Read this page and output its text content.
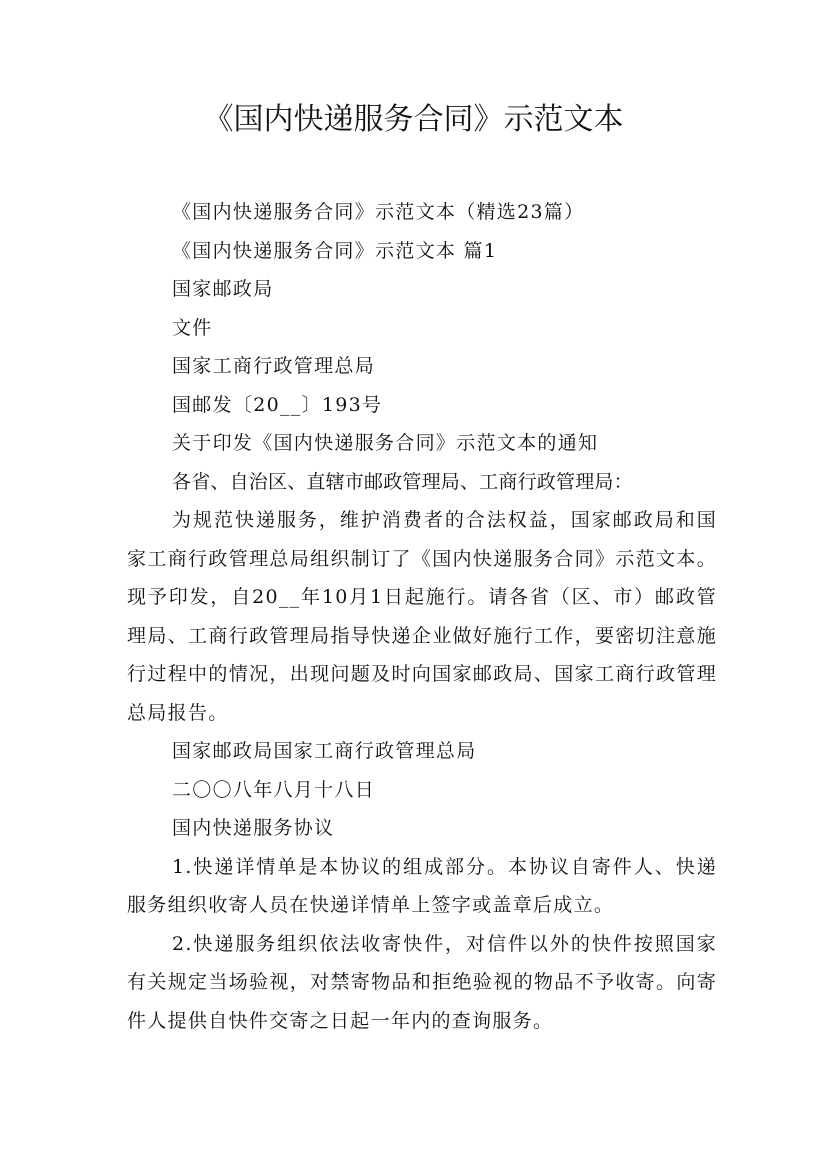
《国内快递服务合同》示范文本

《国内快递服务合同》示范文本（精选23篇）

《国内快递服务合同》示范文本 篇1

国家邮政局

文件

国家工商行政管理总局

国邮发〔20__〕193号

关于印发《国内快递服务合同》示范文本的通知

各省、自治区、直辖市邮政管理局、工商行政管理局：

为规范快递服务，维护消费者的合法权益，国家邮政局和国家工商行政管理总局组织制订了《国内快递服务合同》示范文本。现予印发，自20__年10月1日起施行。请各省（区、市）邮政管理局、工商行政管理局指导快递企业做好施行工作，要密切注意施行过程中的情况，出现问题及时向国家邮政局、国家工商行政管理总局报告。

国家邮政局国家工商行政管理总局

二〇〇八年八月十八日

国内快递服务协议

1.快递详情单是本协议的组成部分。本协议自寄件人、快递服务组织收寄人员在快递详情单上签字或盖章后成立。

2.快递服务组织依法收寄快件，对信件以外的快件按照国家有关规定当场验视，对禁寄物品和拒绝验视的物品不予收寄。向寄件人提供自快件交寄之日起一年内的查询服务。
